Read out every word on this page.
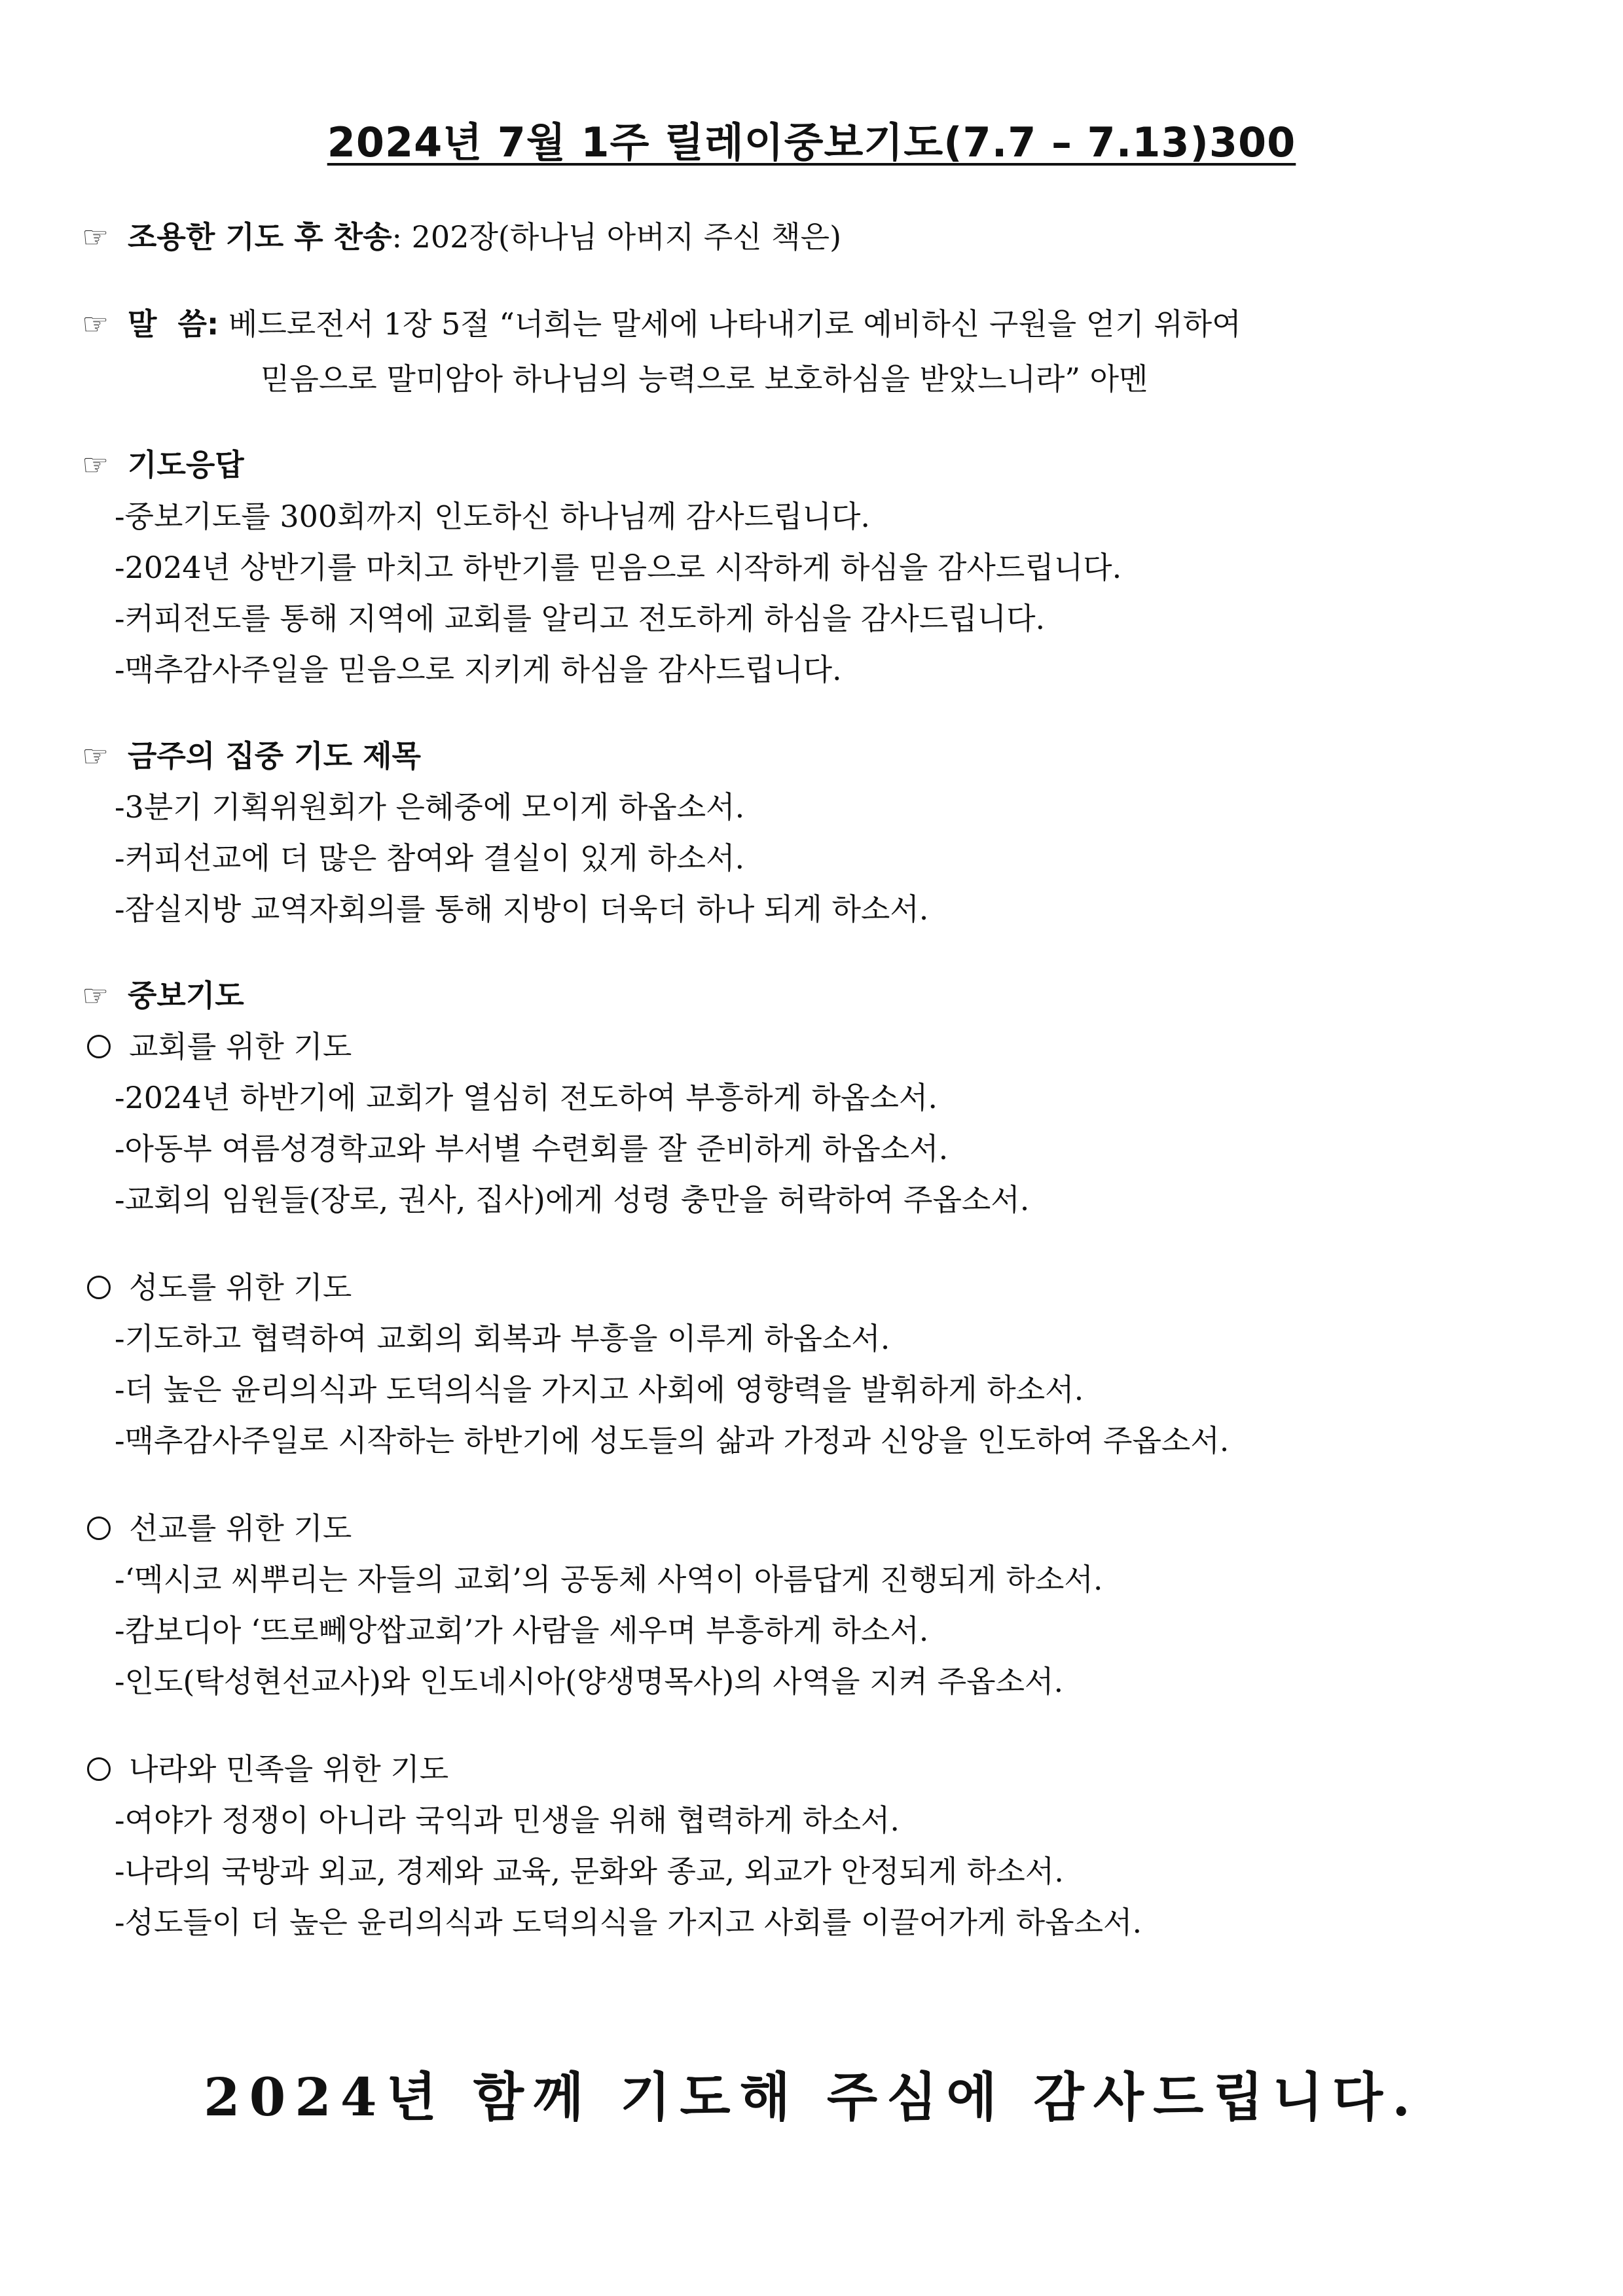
2024년 7월 1주 릴레이중보기도(7.7 – 7.13)300
☞ 조용한 기도 후 찬송: 202장(하나님 아버지 주신 책은)
☞ 말  씀: 베드로전서 1장 5절 “너희는 말세에 나타내기로 예비하신 구원을 얻기 위하여
믿음으로 말미암아 하나님의 능력으로 보호하심을 받았느니라” 아멘
☞ 기도응답
-중보기도를 300회까지 인도하신 하나님께 감사드립니다.
-2024년 상반기를 마치고 하반기를 믿음으로 시작하게 하심을 감사드립니다.
-커피전도를 통해 지역에 교회를 알리고 전도하게 하심을 감사드립니다.
-맥추감사주일을 믿음으로 지키게 하심을 감사드립니다.
☞ 금주의 집중 기도 제목
-3분기 기획위원회가 은혜중에 모이게 하옵소서.
-커피선교에 더 많은 참여와 결실이 있게 하소서.
-잠실지방 교역자회의를 통해 지방이 더욱더 하나 되게 하소서.
☞ 중보기도
교회를 위한 기도
-2024년 하반기에 교회가 열심히 전도하여 부흥하게 하옵소서.
-아동부 여름성경학교와 부서별 수련회를 잘 준비하게 하옵소서.
-교회의 임원들(장로, 권사, 집사)에게 성령 충만을 허락하여 주옵소서.
성도를 위한 기도
-기도하고 협력하여 교회의 회복과 부흥을 이루게 하옵소서.
-더 높은 윤리의식과 도덕의식을 가지고 사회에 영향력을 발휘하게 하소서.
-맥추감사주일로 시작하는 하반기에 성도들의 삶과 가정과 신앙을 인도하여 주옵소서.
선교를 위한 기도
-‘멕시코 씨뿌리는 자들의 교회’의 공동체 사역이 아름답게 진행되게 하소서.
-캄보디아 ‘뜨로뻬앙쌉교회’가 사람을 세우며 부흥하게 하소서.
-인도(탁성현선교사)와 인도네시아(양생명목사)의 사역을 지켜 주옵소서.
나라와 민족을 위한 기도
-여야가 정쟁이 아니라 국익과 민생을 위해 협력하게 하소서.
-나라의 국방과 외교, 경제와 교육, 문화와 종교, 외교가 안정되게 하소서.
-성도들이 더 높은 윤리의식과 도덕의식을 가지고 사회를 이끌어가게 하옵소서.
2024년 함께 기도해 주심에 감사드립니다.
